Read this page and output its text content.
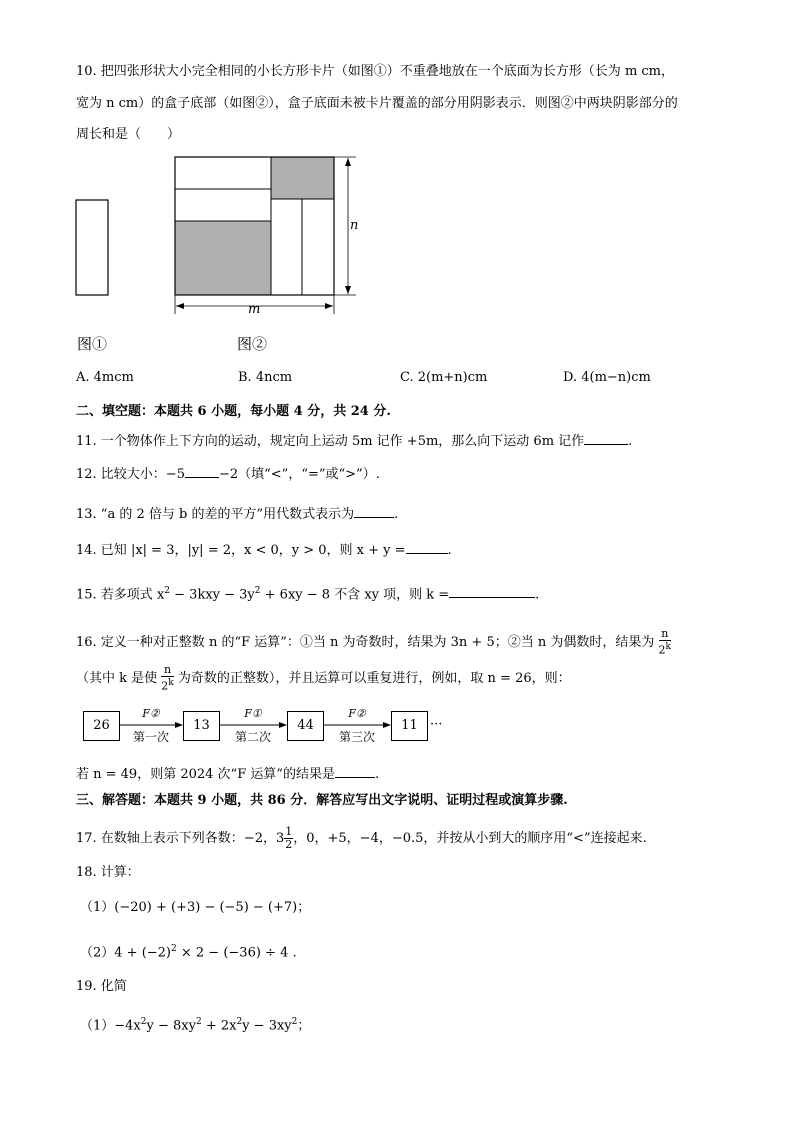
10. 把四张形状大小完全相同的小长方形卡片（如图①）不重叠地放在一个底面为长方形（长为 m cm，
宽为 n cm）的盒子底部（如图②），盒子底面未被卡片覆盖的部分用阴影表示．则图②中两块阴影部分的
周长和是（　　）
n
m
图①	图②
A. 4mcm	B. 4ncm	C. 2(m+n)cm	D. 4(m−n)cm
二、填空题：本题共 6 小题，每小题 4 分，共 24 分.
11. 一个物体作上下方向的运动，规定向上运动 5m 记作 +5m，那么向下运动 6m 记作	.
12. 比较大小：−5	−2（填“<”，“=”或“>”）.
13. “a 的 2 倍与 b 的差的平方”用代数式表示为	.
14. 已知 |x| = 3，|y| = 2，x < 0，y > 0，则 x + y =	.
15. 若多项式 $x^2 - 3kxy - 3y^2 + 6xy - 8$ 不含 xy 项，则 k =	.
16. 定义一种对正整数 n 的“F 运算”：①当 n 为奇数时，结果为 3n + 5；②当 n 为偶数时，结果为 $\frac{n}{2^k}$
（其中 k 是使 $\frac{n}{2^k}$ 为奇数的正整数），并且运算可以重复进行，例如，取 n = 26，则：
26	13	44	11
F②	F①	F②
第一次	第二次	第三次
···
若 n = 49，则第 2024 次“F 运算”的结果是	.
三、解答题：本题共 9 小题，共 86 分．解答应写出文字说明、证明过程或演算步骤.
17. 在数轴上表示下列各数：−2，$3 \frac{1}{2}$ ，0，+5，−4，−0.5，并按从小到大的顺序用“<”连接起来.
18. 计算：
（1）(−20) + (+3) − (−5) − (+7)；
$(2)4 + (-2)^2 \times 2 - (-36) \div 4$ .
19. 化简
$(1)-4x^2y - 8xy^2 + 2x^2y - 3xy^2$；
